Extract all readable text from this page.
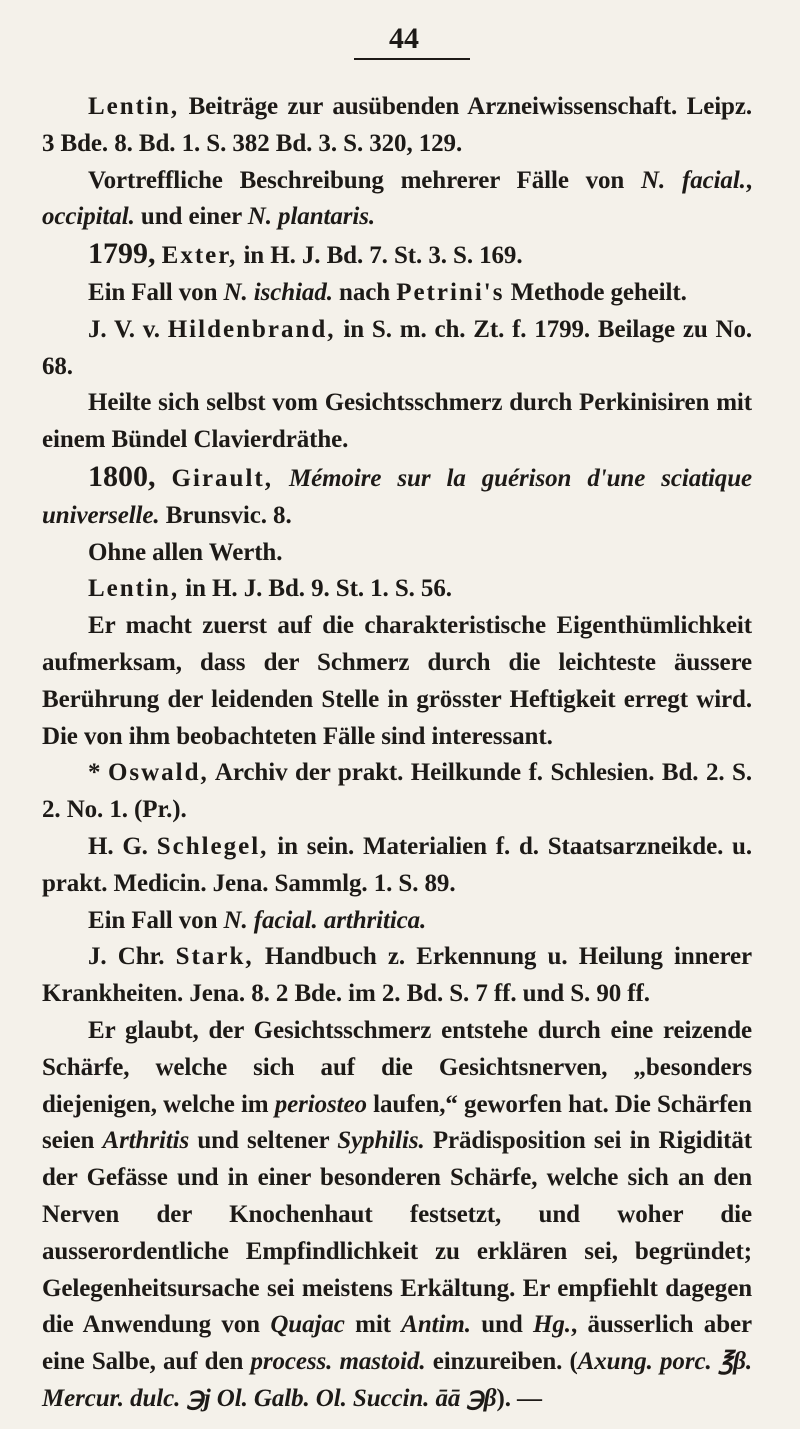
44

Lentin, Beiträge zur ausübenden Arzneiwissenschaft. Leipz. 3 Bde. 8. Bd. 1. S. 382 Bd. 3. S. 320, 129.

Vortreffliche Beschreibung mehrerer Fälle von N. facial., occipital. und einer N. plantaris.

1799, Exter, in H. J. Bd. 7. St. 3. S. 169.

Ein Fall von N. ischiad. nach Petrini's Methode geheilt.

J. V. v. Hildenbrand, in S. m. ch. Zt. f. 1799. Beilage zu No. 68.

Heilte sich selbst vom Gesichtsschmerz durch Perkinisiren mit einem Bündel Clavierdräthe.

1800, Girault, Mémoire sur la guérison d'une sciatique universelle. Brunsvic. 8.

Ohne allen Werth.

Lentin, in H. J. Bd. 9. St. 1. S. 56.

Er macht zuerst auf die charakteristische Eigenthümlichkeit aufmerksam, dass der Schmerz durch die leichteste äussere Berührung der leidenden Stelle in grösster Heftigkeit erregt wird. Die von ihm beobachteten Fälle sind interessant.

* Oswald, Archiv der prakt. Heilkunde f. Schlesien. Bd. 2. S. 2. No. 1. (Pr.).

H. G. Schlegel, in sein. Materialien f. d. Staatsarzneikde. u. prakt. Medicin. Jena. Sammlg. 1. S. 89.

Ein Fall von N. facial. arthritica.

J. Chr. Stark, Handbuch z. Erkennung u. Heilung innerer Krankheiten. Jena. 8. 2 Bde. im 2. Bd. S. 7 ff. und S. 90 ff.

Er glaubt, der Gesichtsschmerz entstehe durch eine reizende Schärfe, welche sich auf die Gesichtsnerven, „besonders diejenigen, welche im periosteo laufen,“ geworfen hat. Die Schärfen seien Arthritis und seltener Syphilis. Prädisposition sei in Rigidität der Gefässe und in einer besonderen Schärfe, welche sich an den Nerven der Knochenhaut festsetzt, und woher die ausserordentliche Empfindlichkeit zu erklären sei, begründet; Gelegenheitsursache sei meistens Erkältung. Er empfiehlt dagegen die Anwendung von Quajac mit Antim. und Hg., äusserlich aber eine Salbe, auf den process. mastoid. einzureiben. (Axung. porc. ℥β. Mercur. dulc. ℈j Ol. Galb. Ol. Succin. āā ℈β). —
